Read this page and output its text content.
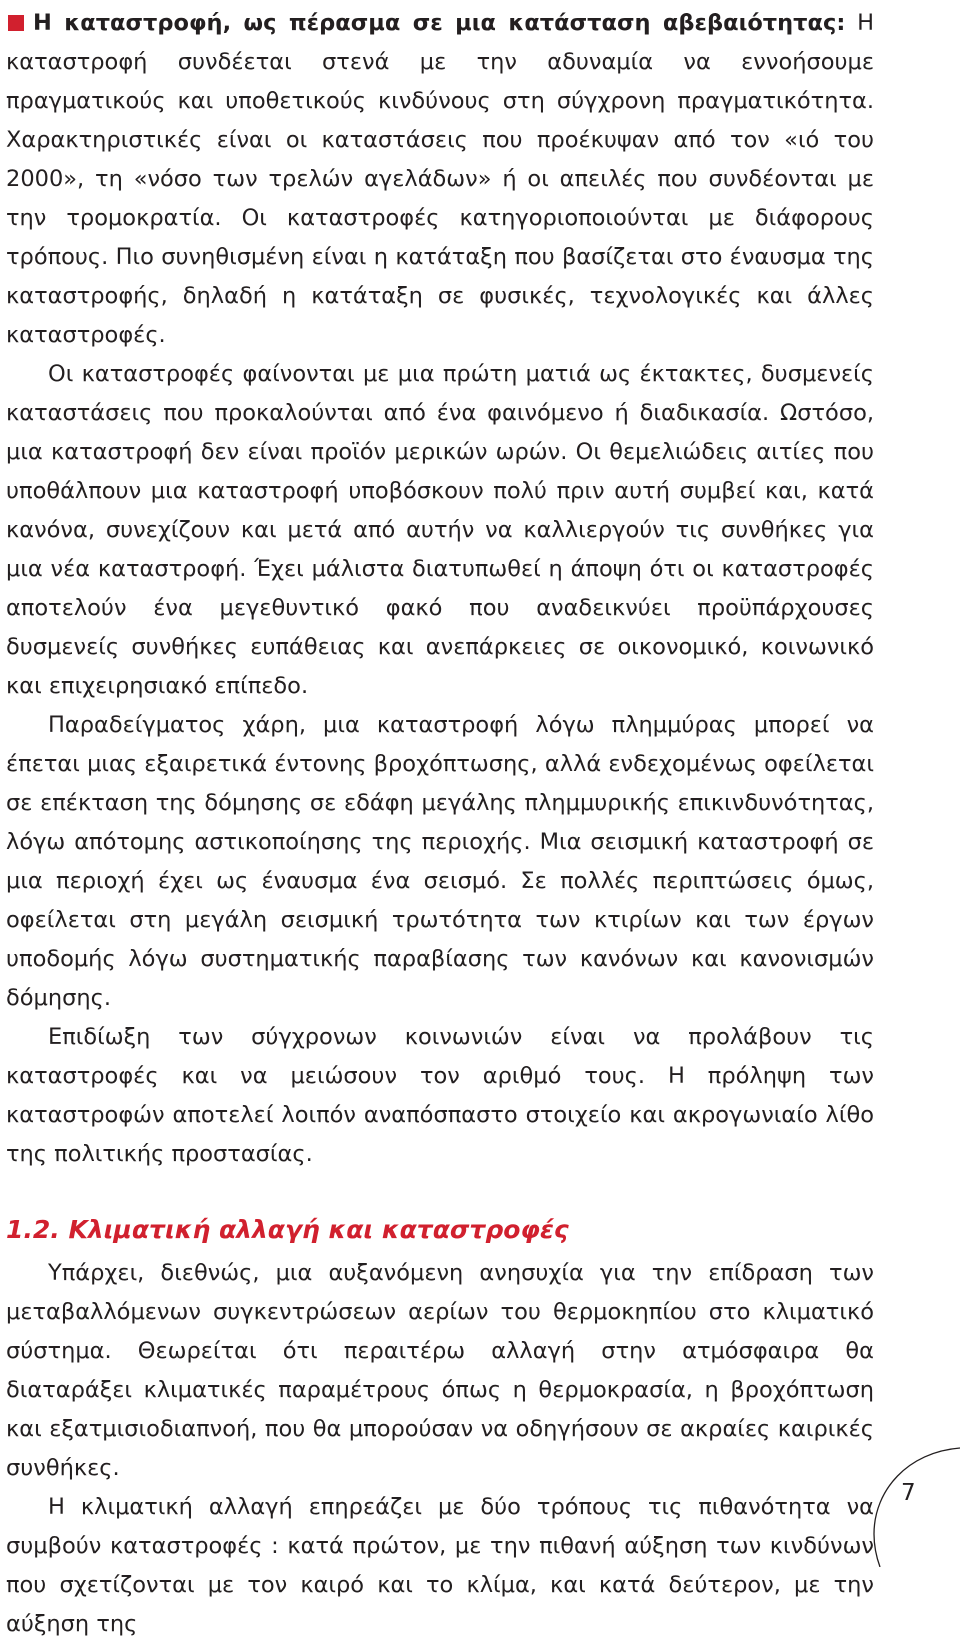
Η καταστροφή, ως πέρασμα σε μια κατάσταση αβεβαιότητας: Η καταστροφή συνδέεται στενά με την αδυναμία να εννοήσουμε πραγματικούς και υποθετικούς κινδύνους στη σύγχρονη πραγματικότητα. Χαρακτηριστικές είναι οι καταστάσεις που προέκυψαν από τον «ιό του 2000», τη «νόσο των τρελών αγελάδων» ή οι απειλές που συνδέονται με την τρομοκρατία. Οι καταστροφές κατηγοριοποιούνται με διάφορους τρόπους. Πιο συνηθισμένη είναι η κατάταξη που βασίζεται στο έναυσμα της καταστροφής, δηλαδή η κατάταξη σε φυσικές, τεχνολογικές και άλλες καταστροφές.

Οι καταστροφές φαίνονται με μια πρώτη ματιά ως έκτακτες, δυσμενείς καταστάσεις που προκαλούνται από ένα φαινόμενο ή διαδικασία. Ωστόσο, μια καταστροφή δεν είναι προϊόν μερικών ωρών. Οι θεμελιώδεις αιτίες που υποθάλπουν μια καταστροφή υποβόσκουν πολύ πριν αυτή συμβεί και, κατά κανόνα, συνεχίζουν και μετά από αυτήν να καλλιεργούν τις συνθήκες για μια νέα καταστροφή. Έχει μάλιστα διατυπωθεί η άποψη ότι οι καταστροφές αποτελούν ένα μεγεθυντικό φακό που αναδεικνύει προϋπάρχουσες δυσμενείς συνθήκες ευπάθειας και ανεπάρκειες σε οικονομικό, κοινωνικό και επιχειρησιακό επίπεδο.

Παραδείγματος χάρη, μια καταστροφή λόγω πλημμύρας μπορεί να έπεται μιας εξαιρετικά έντονης βροχόπτωσης, αλλά ενδεχομένως οφείλεται σε επέκταση της δόμησης σε εδάφη μεγάλης πλημμυρικής επικινδυνότητας, λόγω απότομης αστικοποίησης της περιοχής. Μια σεισμική καταστροφή σε μια περιοχή έχει ως έναυσμα ένα σεισμό. Σε πολλές περιπτώσεις όμως, οφείλεται στη μεγάλη σεισμική τρωτότητα των κτιρίων και των έργων υποδομής λόγω συστηματικής παραβίασης των κανόνων και κανονισμών δόμησης.

Επιδίωξη των σύγχρονων κοινωνιών είναι να προλάβουν τις καταστροφές και να μειώσουν τον αριθμό τους. Η πρόληψη των καταστροφών αποτελεί λοιπόν αναπόσπαστο στοιχείο και ακρογωνιαίο λίθο της πολιτικής προστασίας.

1.2. Κλιματική αλλαγή και καταστροφές

Υπάρχει, διεθνώς, μια αυξανόμενη ανησυχία για την επίδραση των μεταβαλλόμενων συγκεντρώσεων αερίων του θερμοκηπίου στο κλιματικό σύστημα. Θεωρείται ότι περαιτέρω αλλαγή στην ατμόσφαιρα θα διαταράξει κλιματικές παραμέτρους όπως η θερμοκρασία, η βροχόπτωση και εξατμισιοδιαπνοή, που θα μπορούσαν να οδηγήσουν σε ακραίες καιρικές συνθήκες.

Η κλιματική αλλαγή επηρεάζει με δύο τρόπους τις πιθανότητα να συμβούν καταστροφές : κατά πρώτον, με την πιθανή αύξηση των κινδύνων που σχετίζονται με τον καιρό και το κλίμα, και κατά δεύτερον, με την αύξηση της

7
